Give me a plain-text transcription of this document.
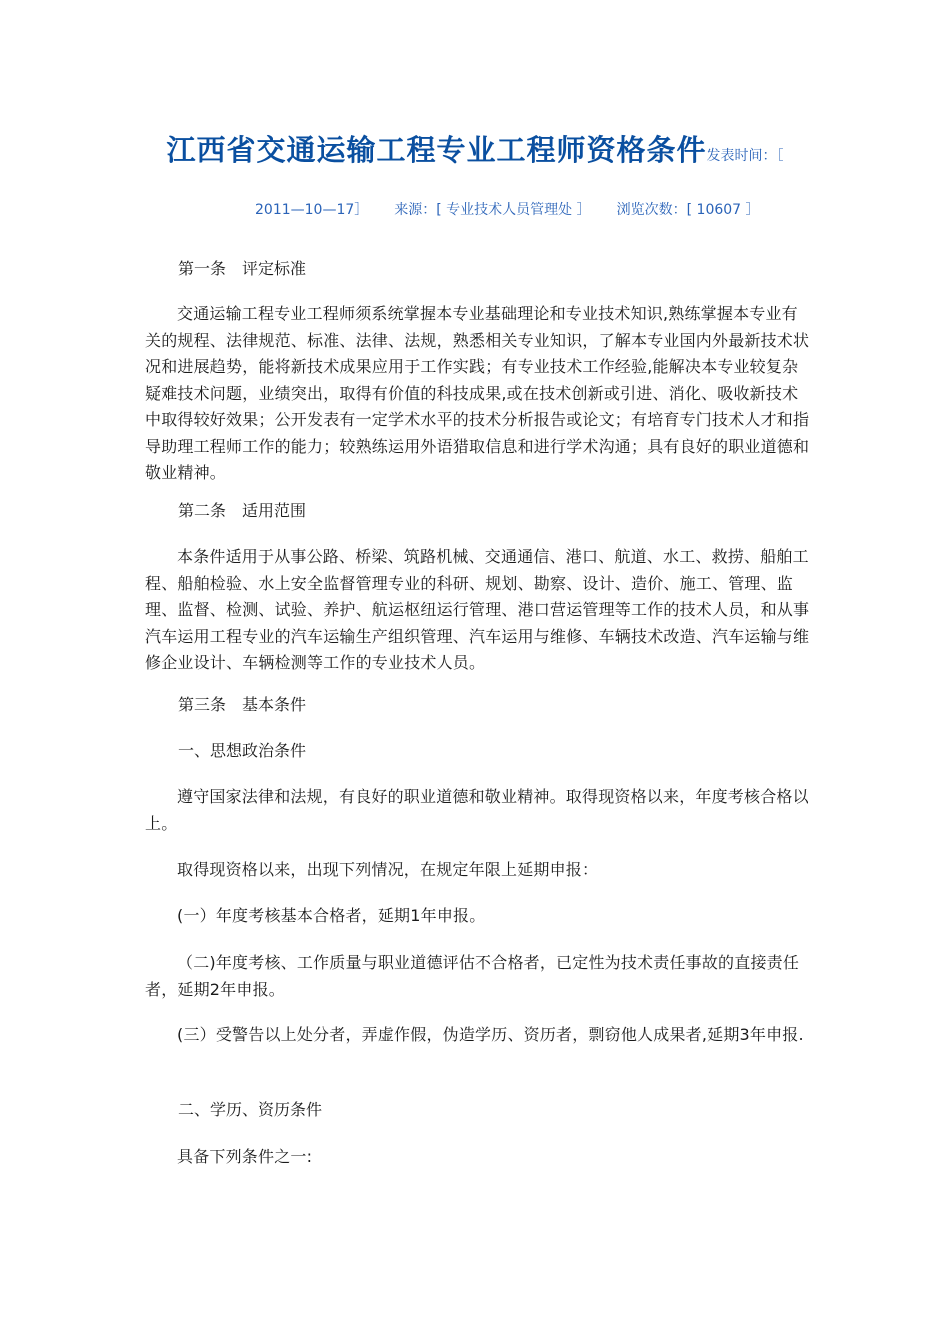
江西省交通运输工程专业工程师资格条件发表时间：［
2011—10—17］ 来源：[ 专业技术人员管理处 ］ 浏览次数：[ 10607 ］

第一条　评定标准

交通运输工程专业工程师须系统掌握本专业基础理论和专业技术知识,熟练掌握本专业有关的规程、法律规范、标准、法律、法规，熟悉相关专业知识，了解本专业国内外最新技术状况和进展趋势，能将新技术成果应用于工作实践；有专业技术工作经验,能解决本专业较复杂疑难技术问题，业绩突出，取得有价值的科技成果,或在技术创新或引进、消化、吸收新技术中取得较好效果；公开发表有一定学术水平的技术分析报告或论文；有培育专门技术人才和指导助理工程师工作的能力；较熟练运用外语猎取信息和进行学术沟通；具有良好的职业道德和敬业精神。

第二条　适用范围

本条件适用于从事公路、桥梁、筑路机械、交通通信、港口、航道、水工、救捞、船舶工程、船舶检验、水上安全监督管理专业的科研、规划、勘察、设计、造价、施工、管理、监理、监督、检测、试验、养护、航运枢纽运行管理、港口营运管理等工作的技术人员，和从事汽车运用工程专业的汽车运输生产组织管理、汽车运用与维修、车辆技术改造、汽车运输与维修企业设计、车辆检测等工作的专业技术人员。

第三条　基本条件

一、思想政治条件

遵守国家法律和法规，有良好的职业道德和敬业精神。取得现资格以来，年度考核合格以上。

取得现资格以来，出现下列情况，在规定年限上延期申报：

(一）年度考核基本合格者，延期1年申报。

（二)年度考核、工作质量与职业道德评估不合格者，已定性为技术责任事故的直接责任者，延期2年申报。

(三）受警告以上处分者，弄虚作假，伪造学历、资历者，剽窃他人成果者,延期3年申报.

二、学历、资历条件

具备下列条件之一:
